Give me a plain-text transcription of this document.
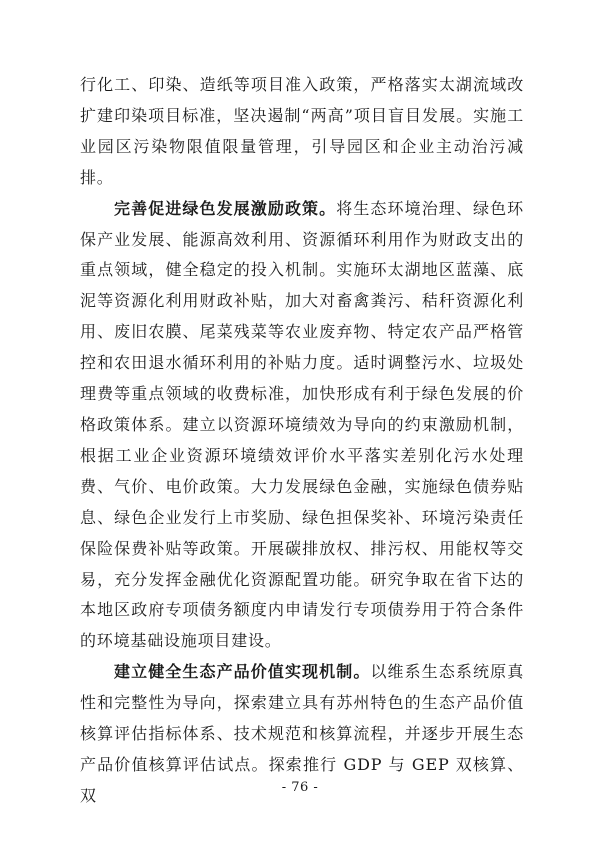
行化工、印染、造纸等项目准入政策，严格落实太湖流域改扩建印染项目标准，坚决遏制“两高”项目盲目发展。实施工业园区污染物限值限量管理，引导园区和企业主动治污减排。

完善促进绿色发展激励政策。将生态环境治理、绿色环保产业发展、能源高效利用、资源循环利用作为财政支出的重点领域，健全稳定的投入机制。实施环太湖地区蓝藻、底泥等资源化利用财政补贴，加大对畜禽粪污、秸秆资源化利用、废旧农膜、尾菜残菜等农业废弃物、特定农产品严格管控和农田退水循环利用的补贴力度。适时调整污水、垃圾处理费等重点领域的收费标准，加快形成有利于绿色发展的价格政策体系。建立以资源环境绩效为导向的约束激励机制，根据工业企业资源环境绩效评价水平落实差别化污水处理费、气价、电价政策。大力发展绿色金融，实施绿色债券贴息、绿色企业发行上市奖励、绿色担保奖补、环境污染责任保险保费补贴等政策。开展碳排放权、排污权、用能权等交易，充分发挥金融优化资源配置功能。研究争取在省下达的本地区政府专项债务额度内申请发行专项债券用于符合条件的环境基础设施项目建设。

建立健全生态产品价值实现机制。以维系生态系统原真性和完整性为导向，探索建立具有苏州特色的生态产品价值核算评估指标体系、技术规范和核算流程，并逐步开展生态产品价值核算评估试点。探索推行 GDP 与 GEP 双核算、双	- 76 -
